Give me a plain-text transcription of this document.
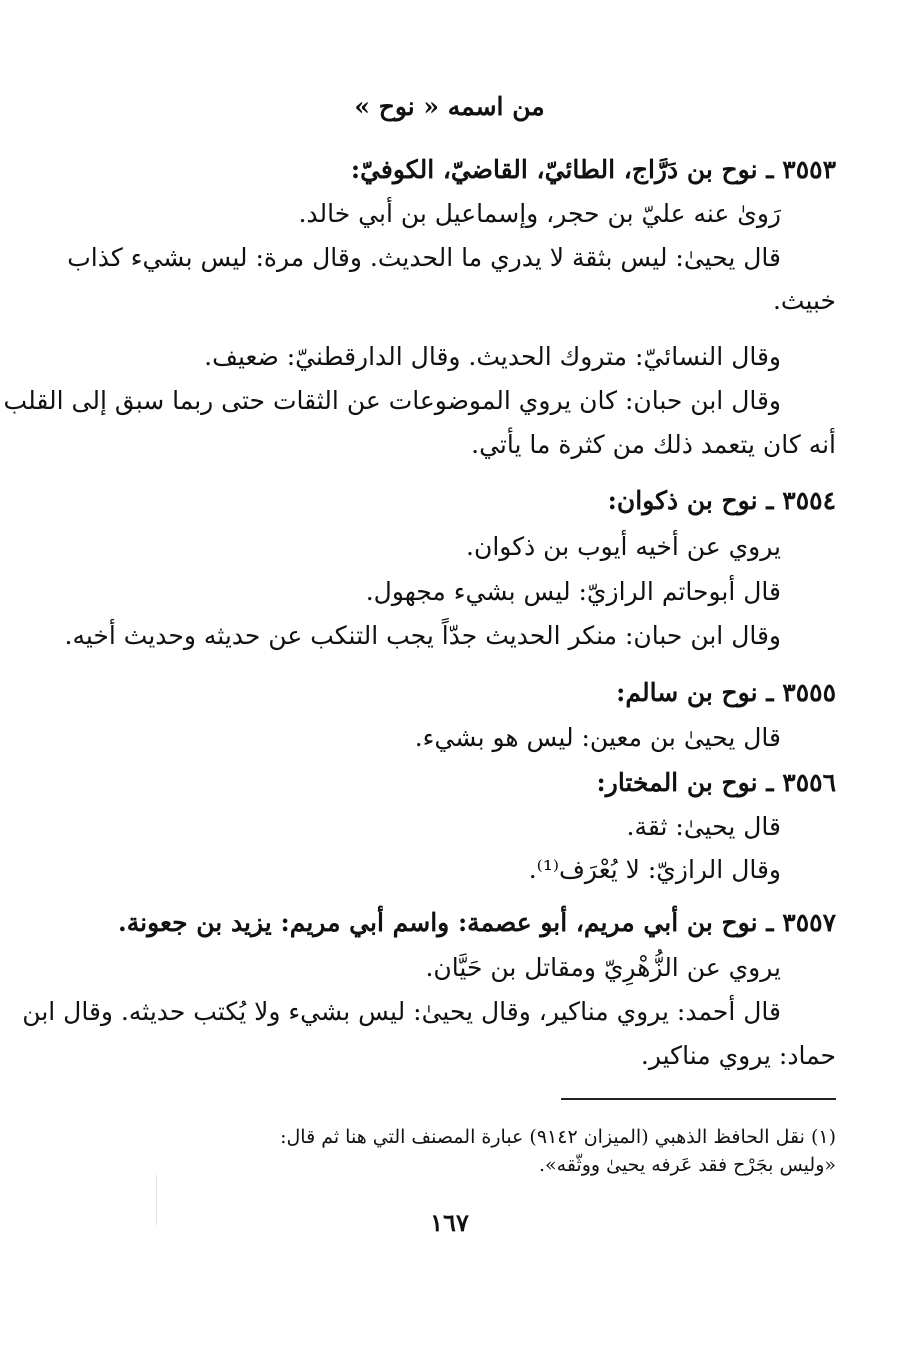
من اسمه « نوح »
٣٥٥٣ ـ نوح بن دَرَّاج، الطائيّ، القاضيّ، الكوفيّ:
رَوىٰ عنه عليّ بن حجر، وإسماعيل بن أبي خالد.
قال يحيىٰ: ليس بثقة لا يدري ما الحديث. وقال مرة: ليس بشيء كذاب
خبيث.
وقال النسائيّ: متروك الحديث. وقال الدارقطنيّ: ضعيف.
وقال ابن حبان: كان يروي الموضوعات عن الثقات حتى ربما سبق إلى القلب
أنه كان يتعمد ذلك من كثرة ما يأتي.
٣٥٥٤ ـ نوح بن ذكوان:
يروي عن أخيه أيوب بن ذكوان.
قال أبوحاتم الرازيّ: ليس بشيء مجهول.
وقال ابن حبان: منكر الحديث جدّاً يجب التنكب عن حديثه وحديث أخيه.
٣٥٥٥ ـ نوح بن سالم:
قال يحيىٰ بن معين: ليس هو بشيء.
٣٥٥٦ ـ نوح بن المختار:
قال يحيىٰ: ثقة.
وقال الرازيّ: لا يُعْرَف⁽¹⁾.
٣٥٥٧ ـ نوح بن أبي مريم، أبو عصمة: واسم أبي مريم: يزيد بن جعونة.
يروي عن الزُّهْرِيّ ومقاتل بن حَيَّان.
قال أحمد: يروي مناكير، وقال يحيىٰ: ليس بشيء ولا يُكتب حديثه. وقال ابن
حماد: يروي مناكير.
(١) نقل الحافظ الذهبي (الميزان ٩١٤٢) عبارة المصنف التي هنا ثم قال:
«وليس بجَرْح فقد عَرفه يحيىٰ ووثّقه».
١٦٧
